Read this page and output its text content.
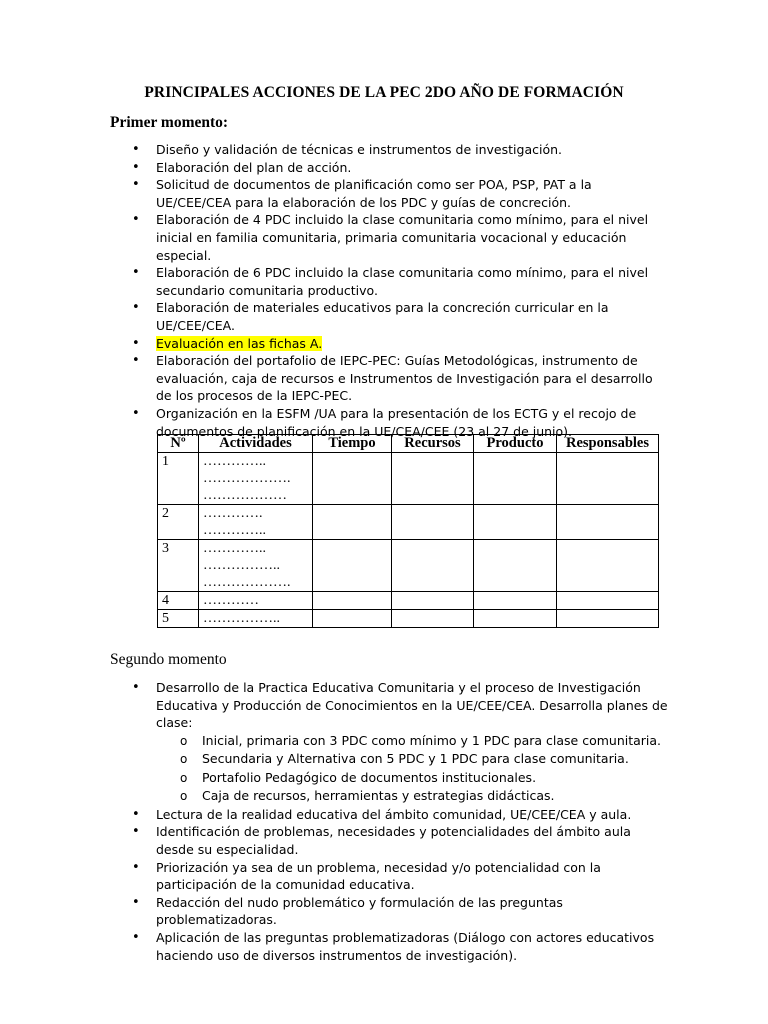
PRINCIPALES ACCIONES DE LA PEC 2DO AÑO DE FORMACIÓN
Primer momento:
• Diseño y validación de técnicas e instrumentos de investigación.
• Elaboración del plan de acción.
• Solicitud de documentos de planificación como ser POA, PSP, PAT a la UE/CEE/CEA para la elaboración de los PDC y guías de concreción.
• Elaboración de 4 PDC incluido la clase comunitaria como mínimo, para el nivel inicial en familia comunitaria, primaria comunitaria vocacional y educación especial.
• Elaboración de 6 PDC incluido la clase comunitaria como mínimo, para el nivel secundario comunitaria productivo.
• Elaboración de materiales educativos para la concreción curricular en la UE/CEE/CEA.
• Evaluación en las fichas A.
• Elaboración del portafolio de IEPC-PEC: Guías Metodológicas, instrumento de evaluación, caja de recursos e Instrumentos de Investigación para el desarrollo de los procesos de la IEPC-PEC.
• Organización en la ESFM /UA para la presentación de los ECTG y el recojo de documentos de planificación en la UE/CEA/CEE (23 al 27 de junio).
Nº	Actividades	Tiempo	Recursos	Producto	Responsables
1	…………..
……………….
………………				

2	………….
…………..				

3	…………..
……………..
……………….				

4	…………				

5	……………..				

Segundo momento
• Desarrollo de la Practica Educativa Comunitaria y el proceso de Investigación Educativa y Producción de Conocimientos en la UE/CEE/CEA. Desarrolla planes de clase:
o Inicial, primaria con 3 PDC como mínimo y 1 PDC para clase comunitaria.
o Secundaria y Alternativa con 5 PDC y 1 PDC para clase comunitaria.
o Portafolio Pedagógico de documentos institucionales.
o Caja de recursos, herramientas y estrategias didácticas.
• Lectura de la realidad educativa del ámbito comunidad, UE/CEE/CEA y aula.
• Identificación de problemas, necesidades y potencialidades del ámbito aula desde su especialidad.
• Priorización ya sea de un problema, necesidad y/o potencialidad con la participación de la comunidad educativa.
• Redacción del nudo problemático y formulación de las preguntas problematizadoras.
• Aplicación de las preguntas problematizadoras (Diálogo con actores educativos haciendo uso de diversos instrumentos de investigación).
